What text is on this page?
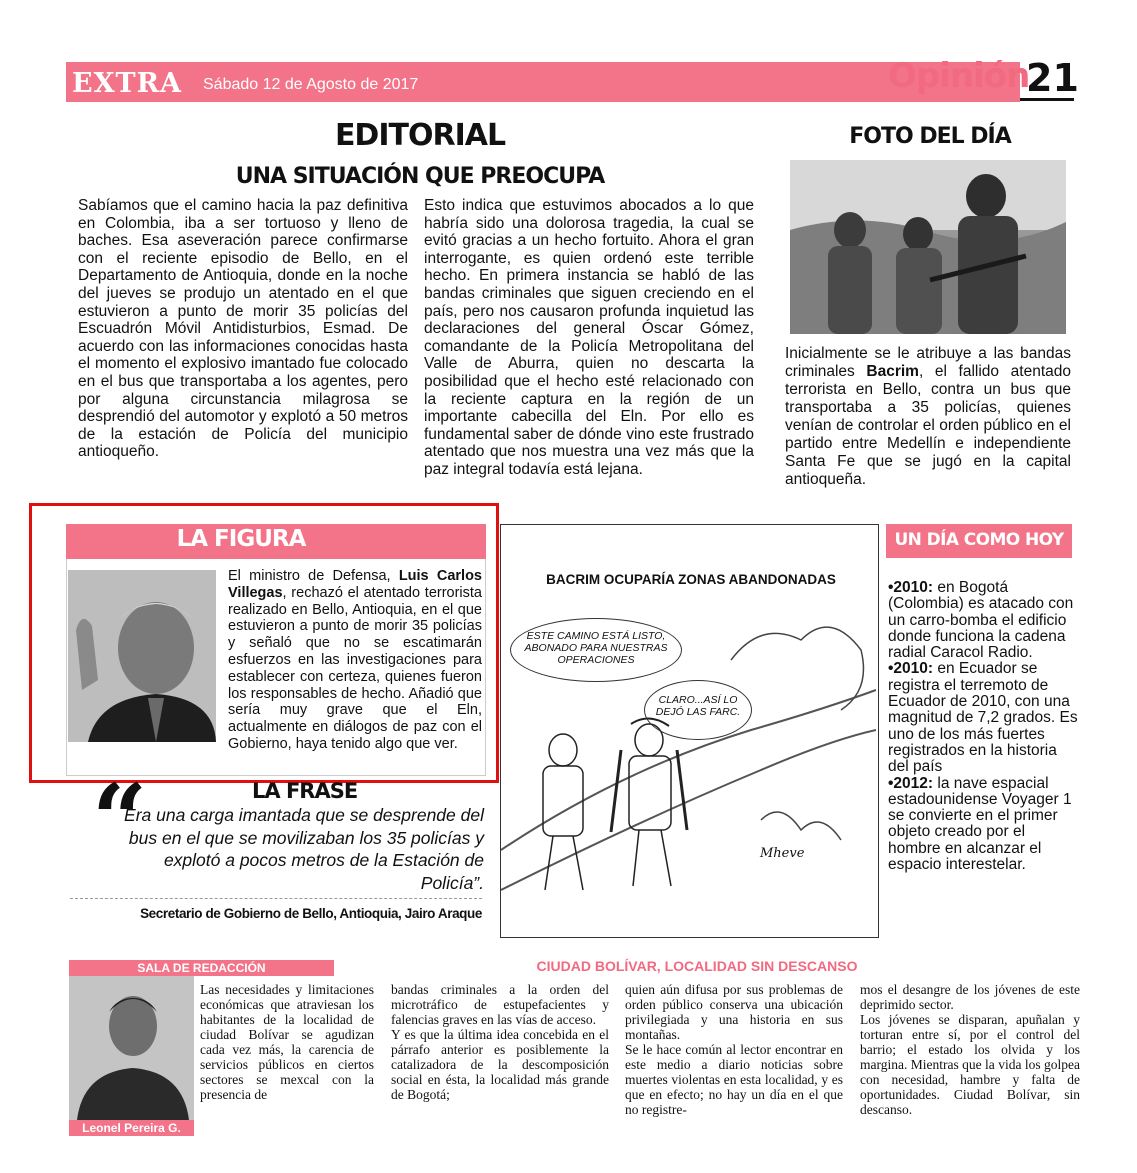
EXTRA Sábado 12 de Agosto de 2017	Opinión
21
EDITORIAL
UNA SITUACIÓN QUE PREOCUPA
Sabíamos que el camino hacia la paz definitiva en Colombia, iba a ser tortuoso y lleno de baches. Esa aseveración parece confirmarse con el reciente episodio de Bello, en el Departamento de Antioquia, donde en la noche del jueves se produjo un atentado en el que estuvieron a punto de morir 35 policías del Escuadrón Móvil Antidisturbios, Esmad. De acuerdo con las informaciones conocidas hasta el momento el explosivo imantado fue colocado en el bus que transportaba a los agentes, pero por alguna circunstancia milagrosa se desprendió del automotor y explotó a 50 metros de la estación de Policía del municipio antioqueño.
Esto indica que estuvimos abocados a lo que habría sido una dolorosa tragedia, la cual se evitó gracias a un hecho fortuito. Ahora el gran interrogante, es quien ordenó este terrible hecho. En primera instancia se habló de las bandas criminales que siguen creciendo en el país, pero nos causaron profunda inquietud las declaraciones del general Óscar Gómez, comandante de la Policía Metropolitana del Valle de Aburra, quien no descarta la posibilidad que el hecho esté relacionado con la reciente captura en la región de un importante cabecilla del Eln. Por ello es fundamental saber de dónde vino este frustrado atentado que nos muestra una vez más que la paz integral todavía está lejana.
FOTO DEL DÍA
Inicialmente se le atribuye a las bandas criminales Bacrim, el fallido atentado terrorista en Bello, contra un bus que transportaba a 35 policías, quienes venían de controlar el orden público en el partido entre Medellín e independiente Santa Fe que se jugó en la capital antioqueña.
LA FIGURA
El ministro de Defensa, Luis Carlos Villegas, rechazó el atentado terrorista realizado en Bello, Antioquia, en el que estuvieron a punto de morir 35 policías y señaló que no se escatimarán esfuerzos en las investigaciones para establecer con certeza, quienes fueron los responsables de hecho. Añadió que sería muy grave que el Eln, actualmente en diálogos de paz con el Gobierno, haya tenido algo que ver.
“	LA FRASE
Era una carga imantada que se desprende del bus en el que se movilizaban los 35 policías y explotó a pocos metros de la Estación de Policía”.
Secretario de Gobierno de Bello, Antioquia, Jairo Araque
BACRIM OCUPARÍA ZONAS ABANDONADAS
ESTE CAMINO ESTÁ LISTO, ABONADO PARA NUESTRAS OPERACIONES
CLARO...ASÍ LO DEJÓ LAS FARC.
Mheve
UN DÍA COMO HOY
•2010: en Bogotá (Colombia) es atacado con un carro-bomba el edificio donde funciona la cadena radial Caracol Radio.
•2010: en Ecuador se registra el terremoto de Ecuador de 2010, con una magnitud de 7,2 grados. Es uno de los más fuertes registrados en la historia del país
•2012: la nave espacial estadounidense Voyager 1 se convierte en el primer objeto creado por el hombre en alcanzar el espacio interestelar.
SALA DE REDACCIÓN
Leonel Pereira G.
CIUDAD BOLÍVAR, LOCALIDAD SIN DESCANSO
Las necesidades y limitaciones económicas que atraviesan los habitantes de la localidad de ciudad Bolívar se agudizan cada vez más, la carencia de servicios públicos en ciertos sectores se mexcal con la presencia de
bandas criminales a la orden del microtráfico de estupefacientes y falencias graves en las vías de acceso.
Y es que la última idea concebida en el párrafo anterior es posiblemente la catalizadora de la descomposición social en ésta, la localidad más grande de Bogotá;
quien aún difusa por sus problemas de orden público conserva una ubicación privilegiada y una historia en sus montañas.
Se le hace común al lector encontrar en este medio a diario noticias sobre muertes violentas en esta localidad, y es que en efecto; no hay un día en el que no registre-
mos el desangre de los jóvenes de este deprimido sector.
Los jóvenes se disparan, apuñalan y torturan entre sí, por el control del barrio; el estado los olvida y los margina. Mientras que la vida los golpea con necesidad, hambre y falta de oportunidades. Ciudad Bolívar, sin descanso.
